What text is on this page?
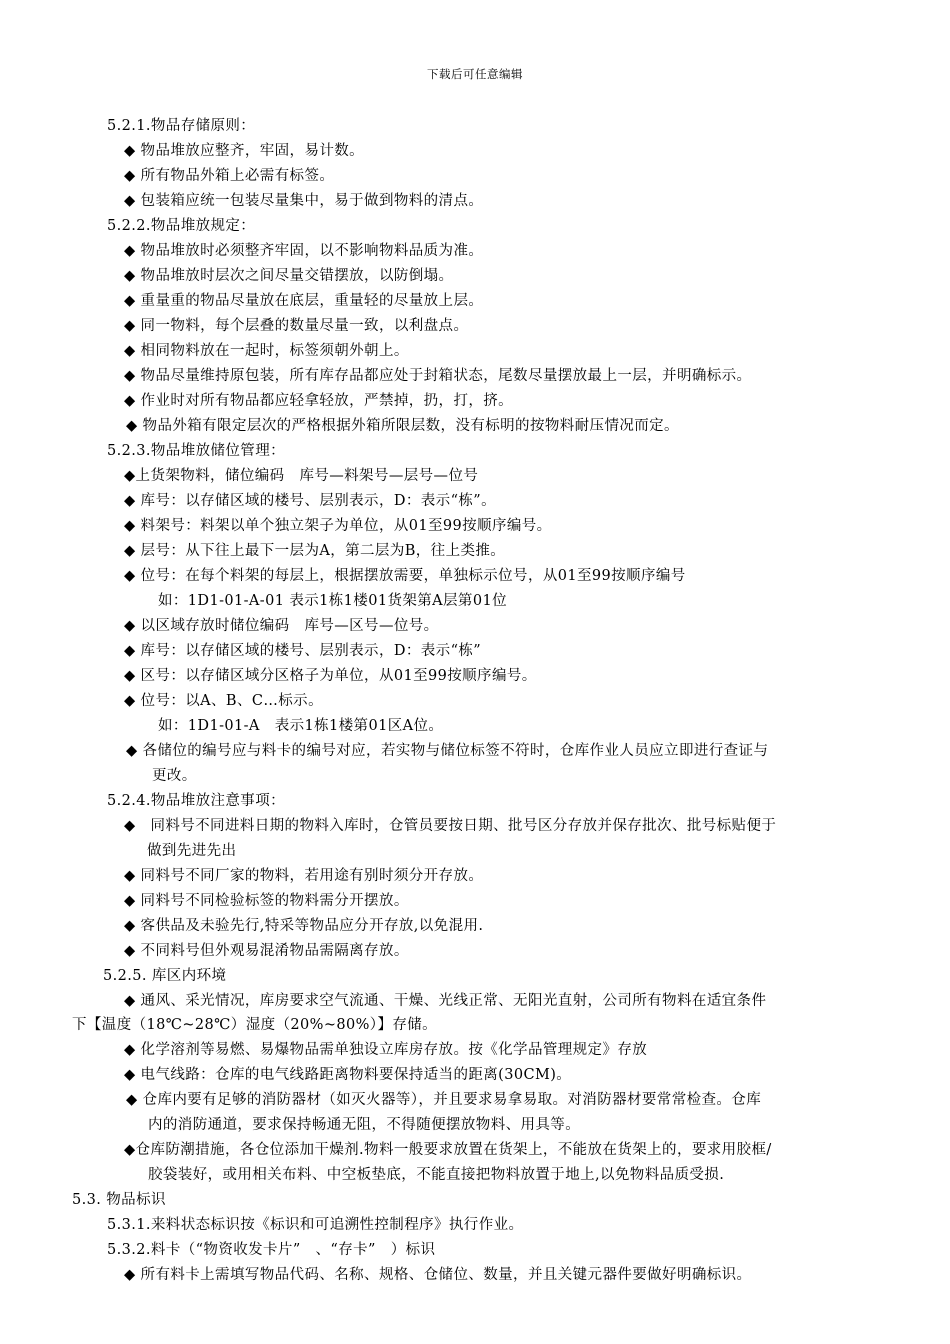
下载后可任意编辑
5.2.1.物品存储原则：
◆ 物品堆放应整齐，牢固，易计数。
◆ 所有物品外箱上必需有标签。
◆ 包装箱应统一包装尽量集中，易于做到物料的清点。
5.2.2.物品堆放规定：
◆ 物品堆放时必须整齐牢固，以不影响物料品质为准。
◆ 物品堆放时层次之间尽量交错摆放，以防倒塌。
◆ 重量重的物品尽量放在底层，重量轻的尽量放上层。
◆ 同一物料，每个层叠的数量尽量一致，以利盘点。
◆ 相同物料放在一起时，标签须朝外朝上。
◆ 物品尽量维持原包装，所有库存品都应处于封箱状态，尾数尽量摆放最上一层，并明确标示。
◆ 作业时对所有物品都应轻拿轻放，严禁掉，扔，打，挤。
◆ 物品外箱有限定层次的严格根据外箱所限层数，没有标明的按物料耐压情况而定。
5.2.3.物品堆放储位管理：
◆上货架物料，储位编码　库号—料架号—层号—位号
◆ 库号：以存储区域的楼号、层别表示，D：表示“栋”。
◆ 料架号：料架以单个独立架子为单位，从01至99按顺序编号。
◆ 层号：从下往上最下一层为A，第二层为B，往上类推。
◆ 位号：在每个料架的每层上，根据摆放需要，单独标示位号，从01至99按顺序编号
如：1D1-01-A-01 表示1栋1楼01货架第A层第01位
◆ 以区域存放时储位编码　库号—区号—位号。
◆ 库号：以存储区域的楼号、层别表示，D：表示“栋”
◆ 区号：以存储区域分区格子为单位，从01至99按顺序编号。
◆ 位号：以A、B、C…标示。
如：1D1-01-A　表示1栋1楼第01区A位。
◆ 各储位的编号应与料卡的编号对应，若实物与储位标签不符时，仓库作业人员应立即进行查证与
更改。
5.2.4.物品堆放注意事项：
◆　同料号不同进料日期的物料入库时，仓管员要按日期、批号区分存放并保存批次、批号标贴便于
做到先进先出
◆ 同料号不同厂家的物料，若用途有别时须分开存放。
◆ 同料号不同检验标签的物料需分开摆放。
◆ 客供品及未验先行,特采等物品应分开存放,以免混用.
◆ 不同料号但外观易混淆物品需隔离存放。
5.2.5. 库区内环境
◆ 通风、采光情况，库房要求空气流通、干燥、光线正常、无阳光直射，公司所有物料在适宜条件
下【温度（18℃~28℃）湿度（20%~80%）】存储。
◆ 化学溶剂等易燃、易爆物品需单独设立库房存放。按《化学品管理规定》存放
◆ 电气线路：仓库的电气线路距离物料要保持适当的距离(30CM)。
◆ 仓库内要有足够的消防器材（如灭火器等），并且要求易拿易取。对消防器材要常常检查。仓库
内的消防通道，要求保持畅通无阻，不得随便摆放物料、用具等。
◆仓库防潮措施，各仓位添加干燥剂.物料一般要求放置在货架上，不能放在货架上的，要求用胶框/
胶袋装好，或用相关布料、中空板垫底，不能直接把物料放置于地上,以免物料品质受损.
5.3. 物品标识
5.3.1.来料状态标识按《标识和可追溯性控制程序》执行作业。
5.3.2.料卡（“物资收发卡片”　、“存卡”　）标识
◆ 所有料卡上需填写物品代码、名称、规格、仓储位、数量，并且关键元器件要做好明确标识。
